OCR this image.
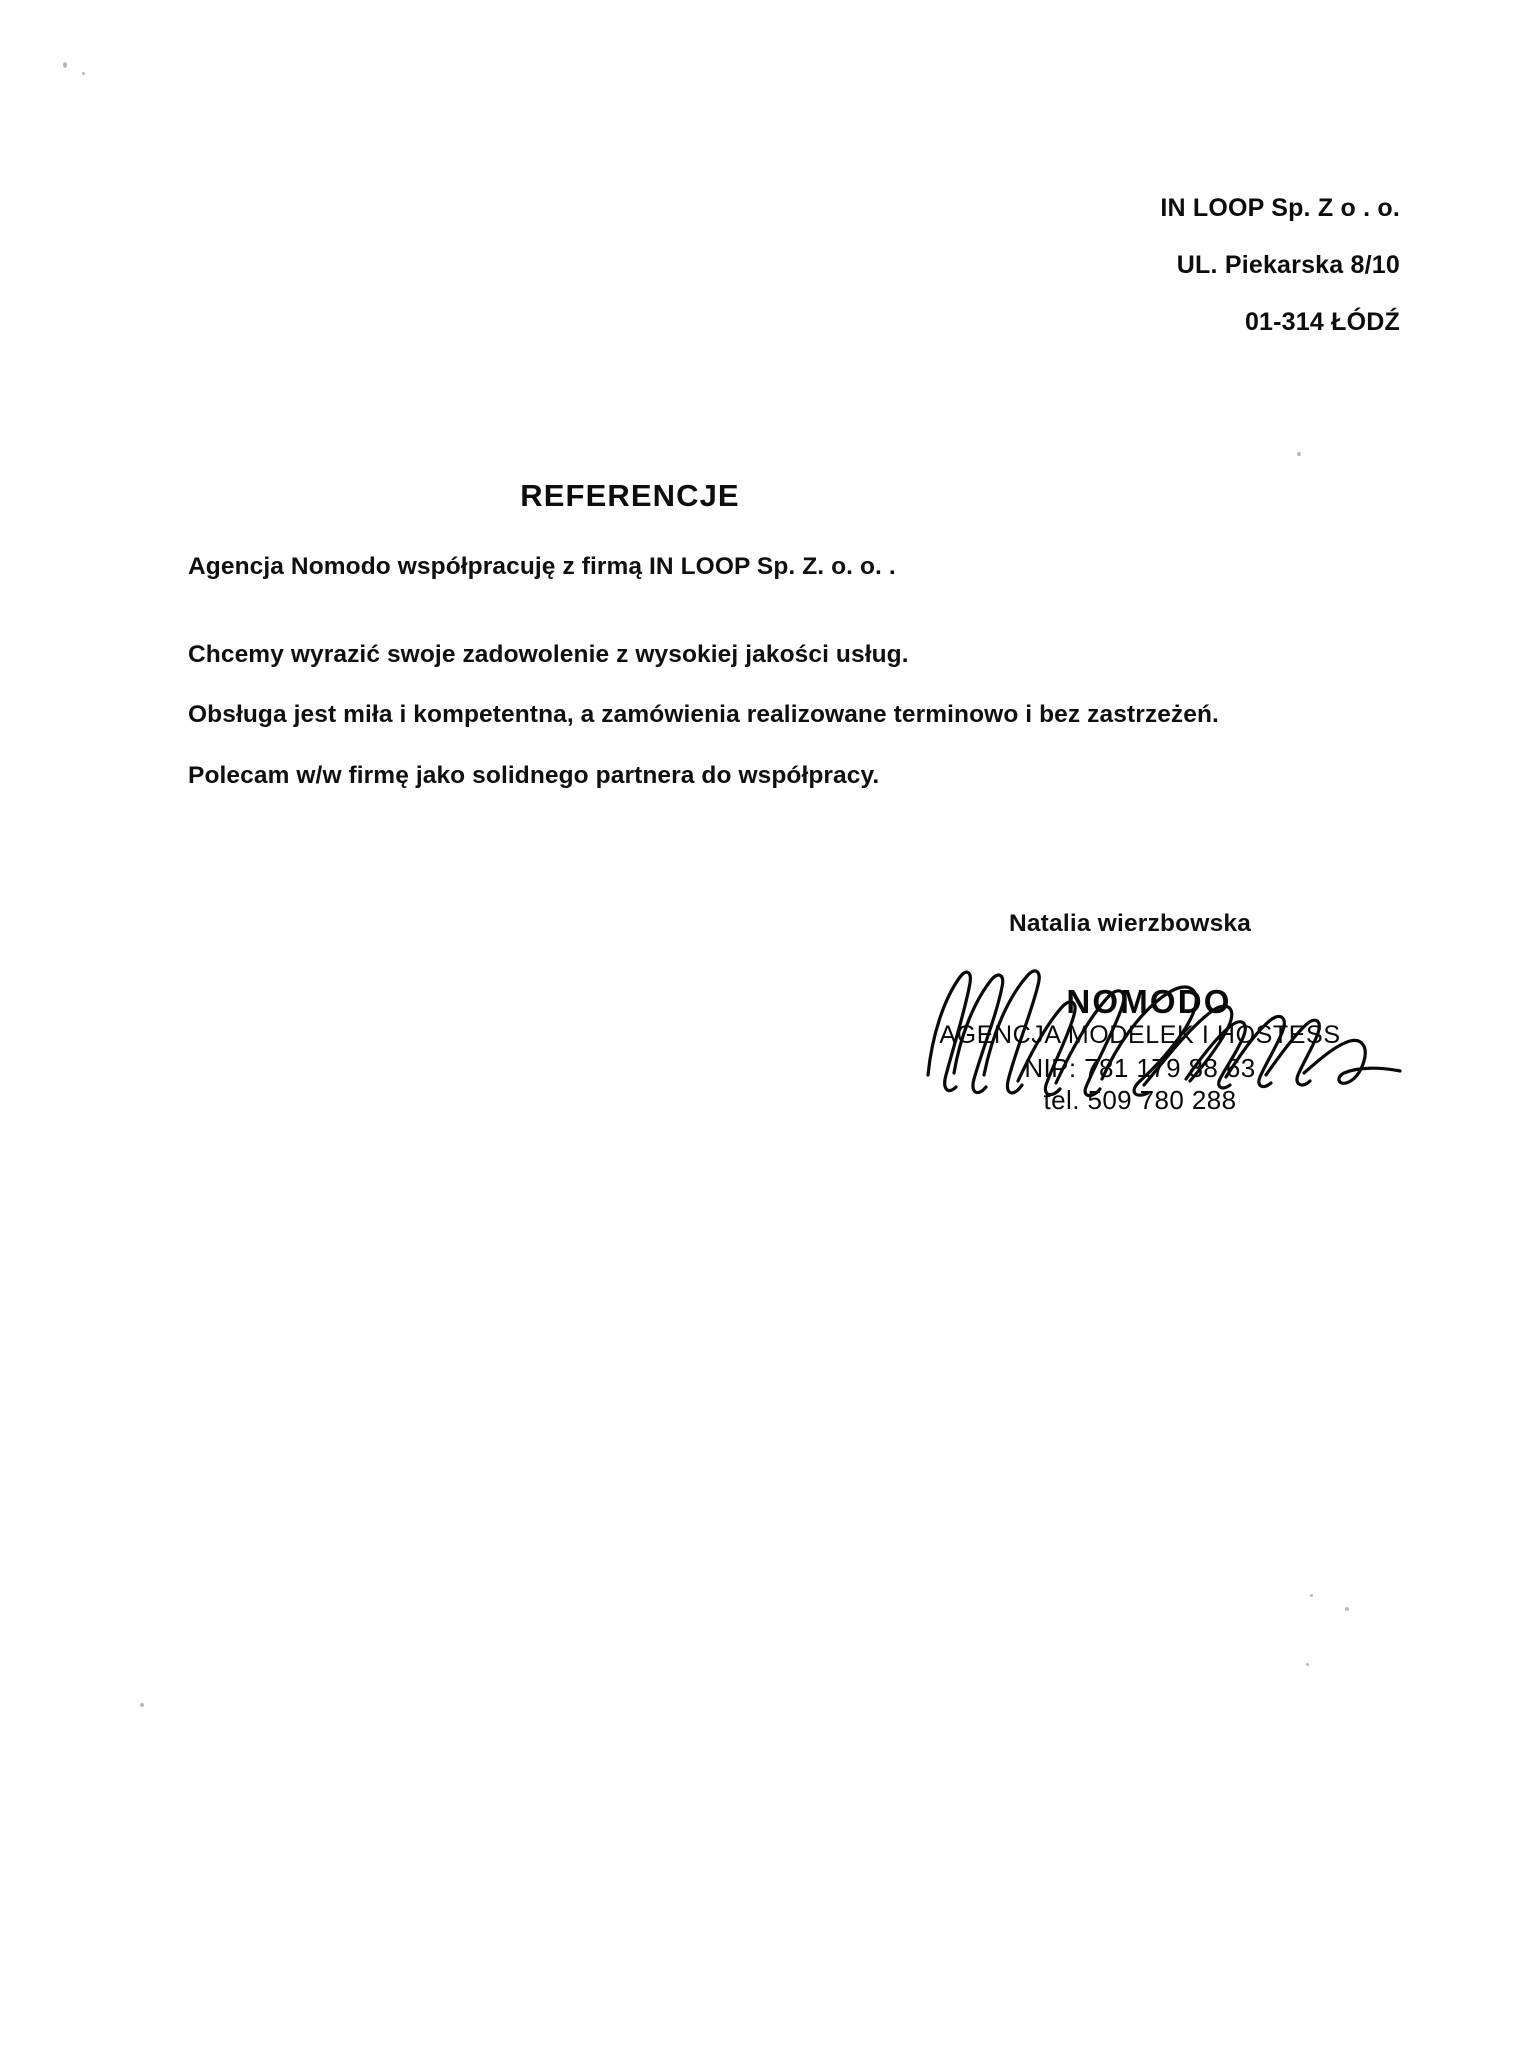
IN LOOP Sp. Z o . o.
UL. Piekarska 8/10
01-314 ŁÓDŹ
REFERENCJE
Agencja Nomodo współpracuję z firmą IN LOOP Sp. Z. o. o. .
Chcemy wyrazić swoje zadowolenie z wysokiej jakości usług.
Obsługa jest miła i kompetentna, a zamówienia realizowane terminowo i bez zastrzeżeń.
Polecam w/w firmę jako solidnego partnera do współpracy.
Natalia wierzbowska
NOMODO
AGENCJA MODELEK I HOSTESS
NIP: 781 179 88 63
tel. 509 780 288
